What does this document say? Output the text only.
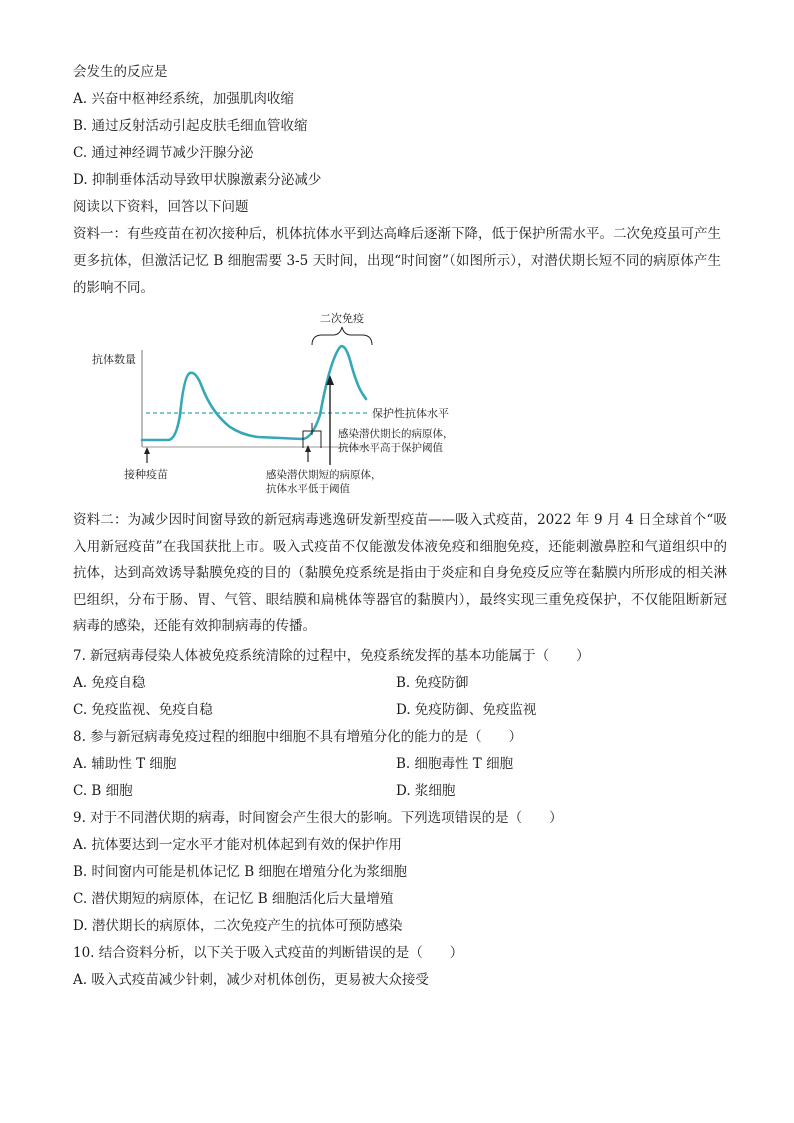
会发生的反应是
A. 兴奋中枢神经系统，加强肌肉收缩
B. 通过反射活动引起皮肤毛细血管收缩
C. 通过神经调节减少汗腺分泌
D. 抑制垂体活动导致甲状腺激素分泌减少
阅读以下资料，回答以下问题
资料一：有些疫苗在初次接种后，机体抗体水平到达高峰后逐渐下降，低于保护所需水平。二次免疫虽可产生更多抗体，但激活记忆 B 细胞需要 3-5 天时间，出现“时间窗”（如图所示），对潜伏期长短不同的病原体产生的影响不同。
二次免疫
抗体数量
保护性抗体水平
感染潜伏期长的病原体，
抗体水平高于保护阈值
感染潜伏期短的病原体，
抗体水平低于阈值
接种疫苗
资料二：为减少因时间窗导致的新冠病毒逃逸研发新型疫苗——吸入式疫苗，2022 年 9 月 4 日全球首个“吸入用新冠疫苗”在我国获批上市。吸入式疫苗不仅能激发体液免疫和细胞免疫，还能刺激鼻腔和气道组织中的抗体，达到高效诱导黏膜免疫的目的（黏膜免疫系统是指由于炎症和自身免疫反应等在黏膜内所形成的相关淋巴组织，分布于肠、胃、气管、眼结膜和扁桃体等器官的黏膜内），最终实现三重免疫保护，不仅能阻断新冠病毒的感染，还能有效抑制病毒的传播。
7. 新冠病毒侵染人体被免疫系统清除的过程中，免疫系统发挥的基本功能属于（　　）
A. 免疫自稳	B. 免疫防御
C. 免疫监视、免疫自稳	D. 免疫防御、免疫监视
8. 参与新冠病毒免疫过程的细胞中细胞不具有增殖分化的能力的是（　　）
A. 辅助性 T 细胞	B. 细胞毒性 T 细胞
C. B 细胞	D. 浆细胞
9. 对于不同潜伏期的病毒，时间窗会产生很大的影响。下列选项错误的是（　　）
A. 抗体要达到一定水平才能对机体起到有效的保护作用
B. 时间窗内可能是机体记忆 B 细胞在增殖分化为浆细胞
C. 潜伏期短的病原体，在记忆 B 细胞活化后大量增殖
D. 潜伏期长的病原体，二次免疫产生的抗体可预防感染
10. 结合资料分析，以下关于吸入式疫苗的判断错误的是（　　）
A. 吸入式疫苗减少针刺，减少对机体创伤，更易被大众接受
